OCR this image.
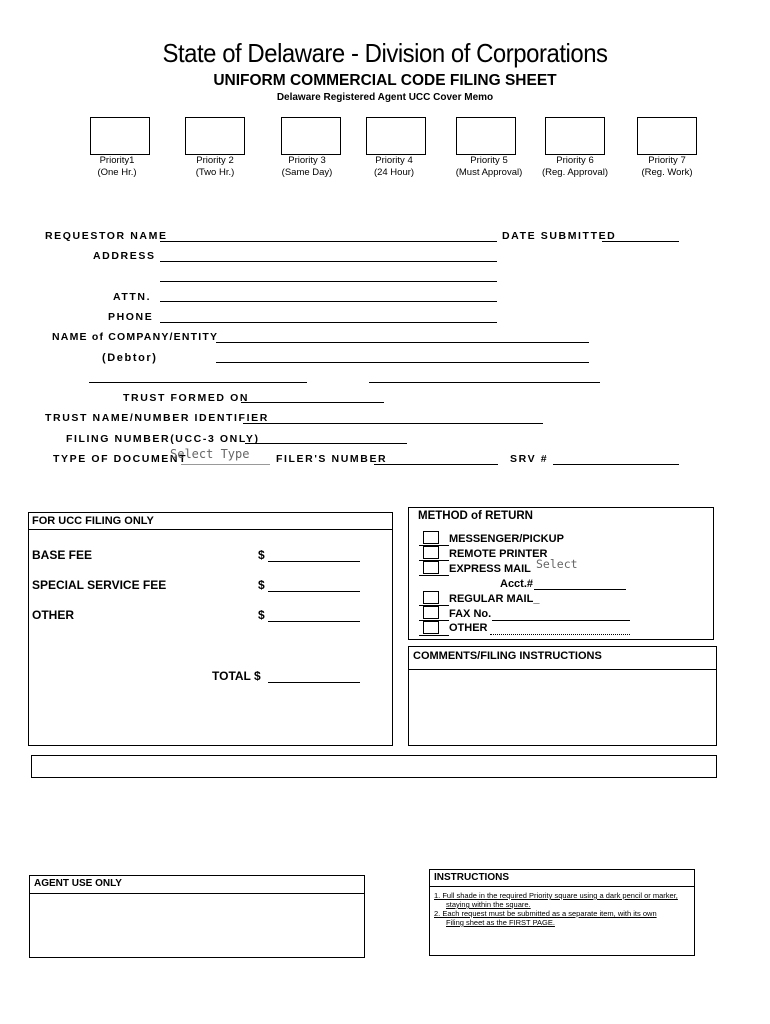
State of Delaware - Division of Corporations
UNIFORM COMMERCIAL CODE FILING SHEET
Delaware Registered Agent UCC Cover Memo
Priority1
(One Hr.)
Priority 2
(Two Hr.)
Priority 3
(Same Day)
Priority 4
(24 Hour)
Priority 5
(Must Approval)
Priority 6
(Reg. Approval)
Priority 7
(Reg. Work)
REQUESTOR NAME	DATE SUBMITTED
ADDRESS
ATTN.
PHONE
NAME of COMPANY/ENTITY
(Debtor)
TRUST FORMED ON
TRUST NAME/NUMBER IDENTIFIER
FILING NUMBER(UCC-3 ONLY)
TYPE OF DOCUMENT
Select Type	FILER'S NUMBER	SRV #
FOR UCC FILING ONLY
BASE FEE	$
SPECIAL SERVICE FEE	$
OTHER	$
TOTAL $
METHOD of RETURN
MESSENGER/PICKUP
REMOTE PRINTER
Select
EXPRESS MAIL
Acct.#
REGULAR MAIL_
FAX No.
OTHER
COMMENTS/FILING INSTRUCTIONS
AGENT USE ONLY
INSTRUCTIONS
1. Full shade in the required Priority square using a dark pencil or marker,
staying within the square.
2. Each request must be submitted as a separate item, with its own
Filing sheet as the FIRST PAGE.
